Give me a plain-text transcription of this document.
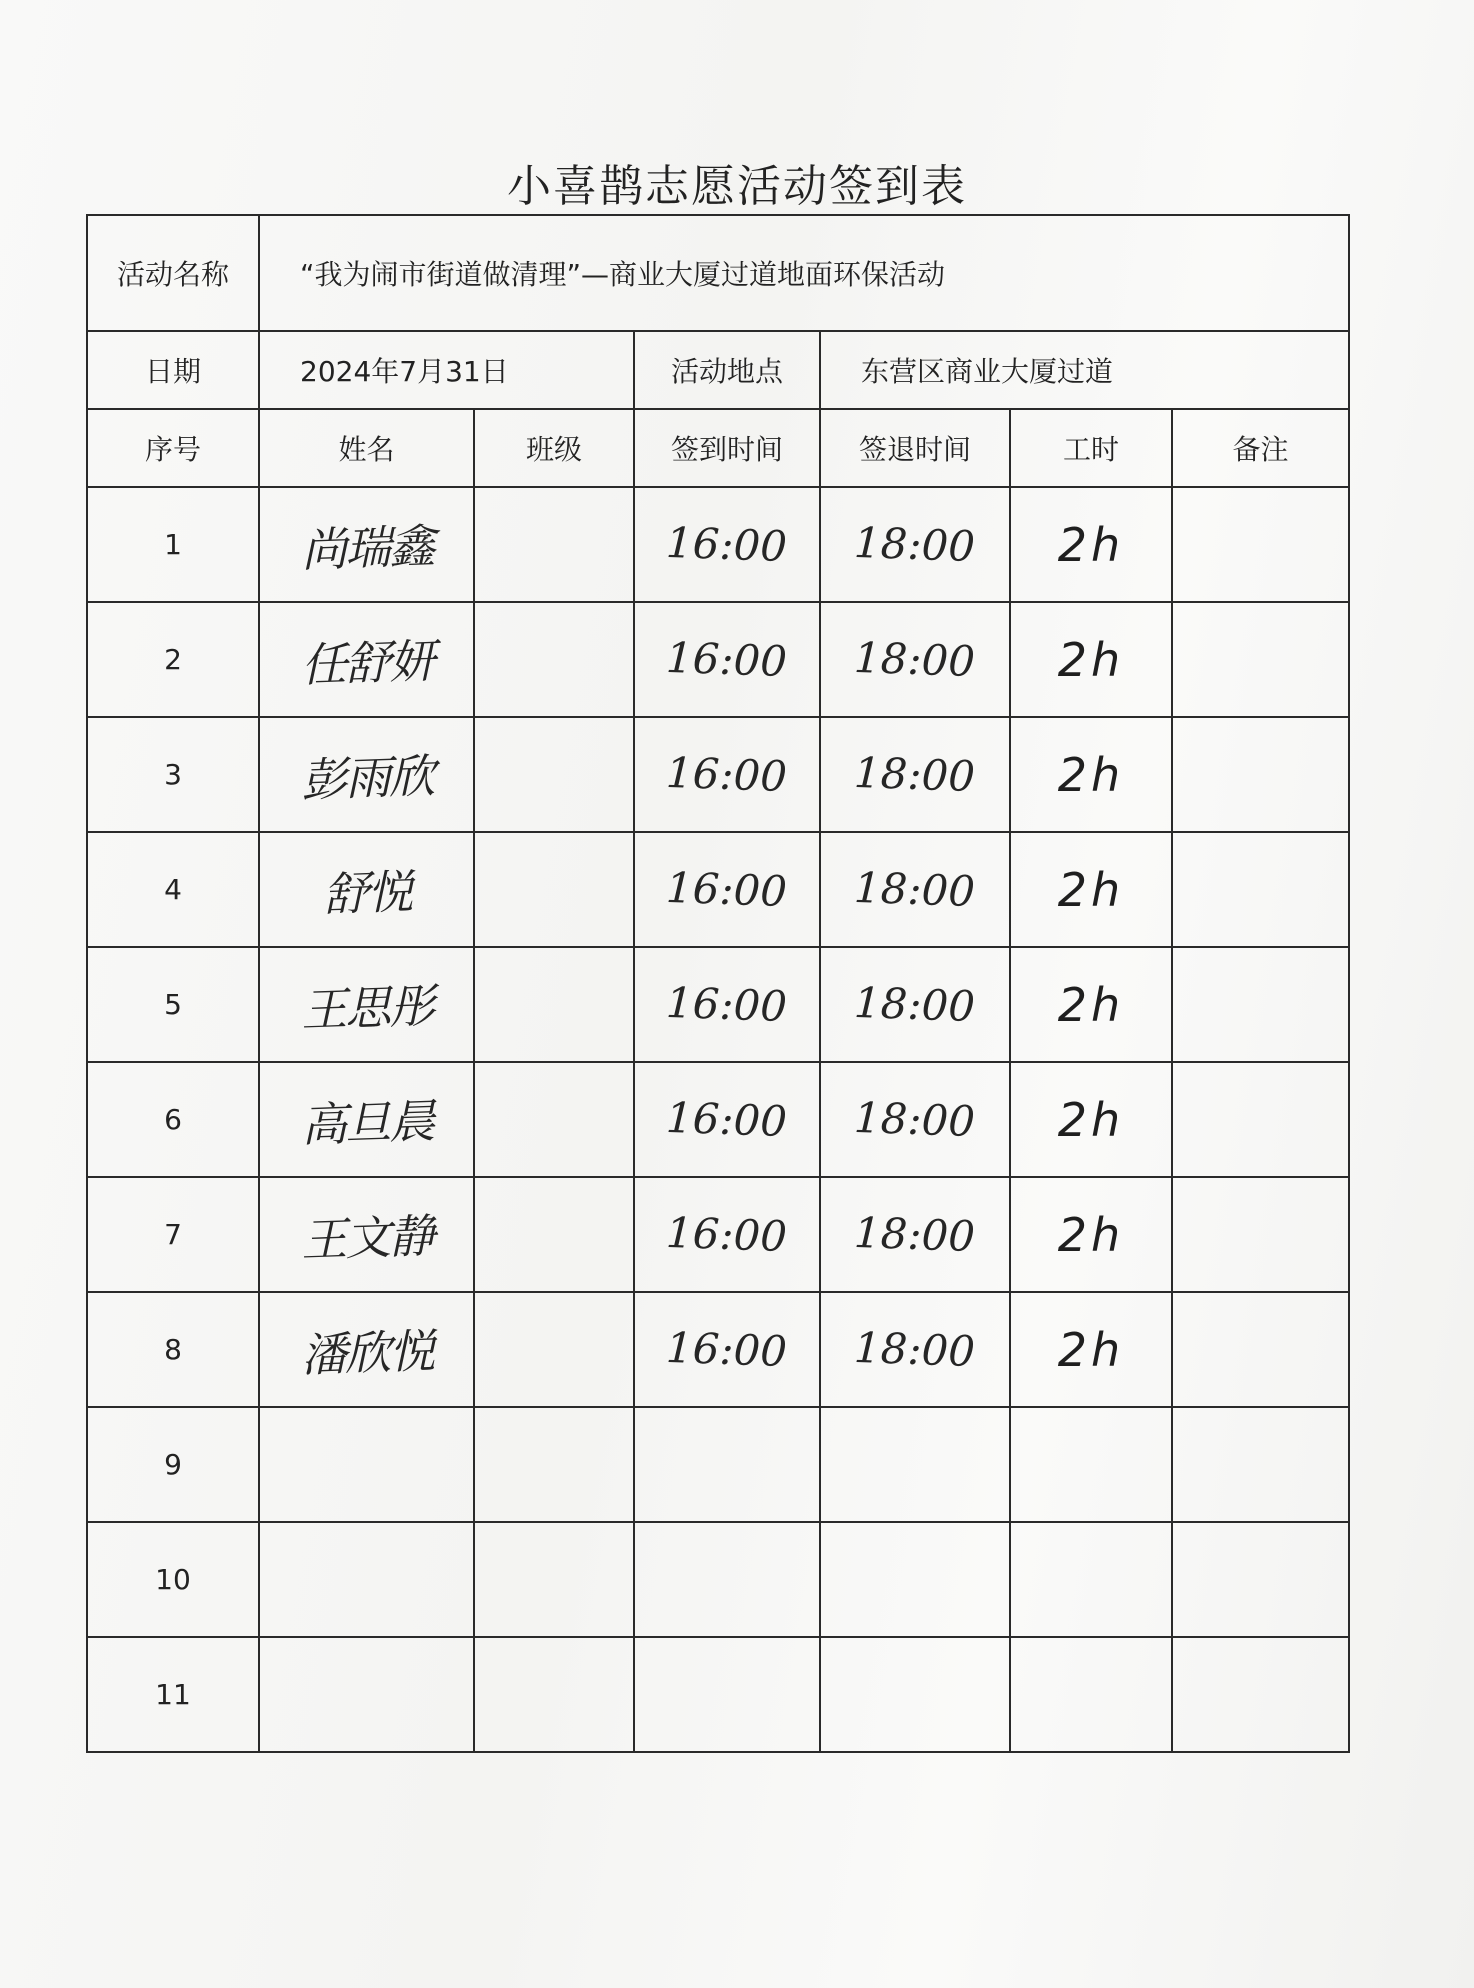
小喜鹊志愿活动签到表
活动名称	“我为闹市街道做清理”—商业大厦过道地面环保活动					
日期	2024年7月31日		活动地点	东营区商业大厦过道		
序号	姓名	班级	签到时间	签退时间	工时	备注
1	尚瑞鑫		16:00	18:00	2h	
2	任舒妍		16:00	18:00	2h	
3	彭雨欣		16:00	18:00	2h	
4	舒悦		16:00	18:00	2h	
5	王思彤		16:00	18:00	2h	
6	高旦晨		16:00	18:00	2h	
7	王文静		16:00	18:00	2h	
8	潘欣悦		16:00	18:00	2h	
9						
10						
11						
